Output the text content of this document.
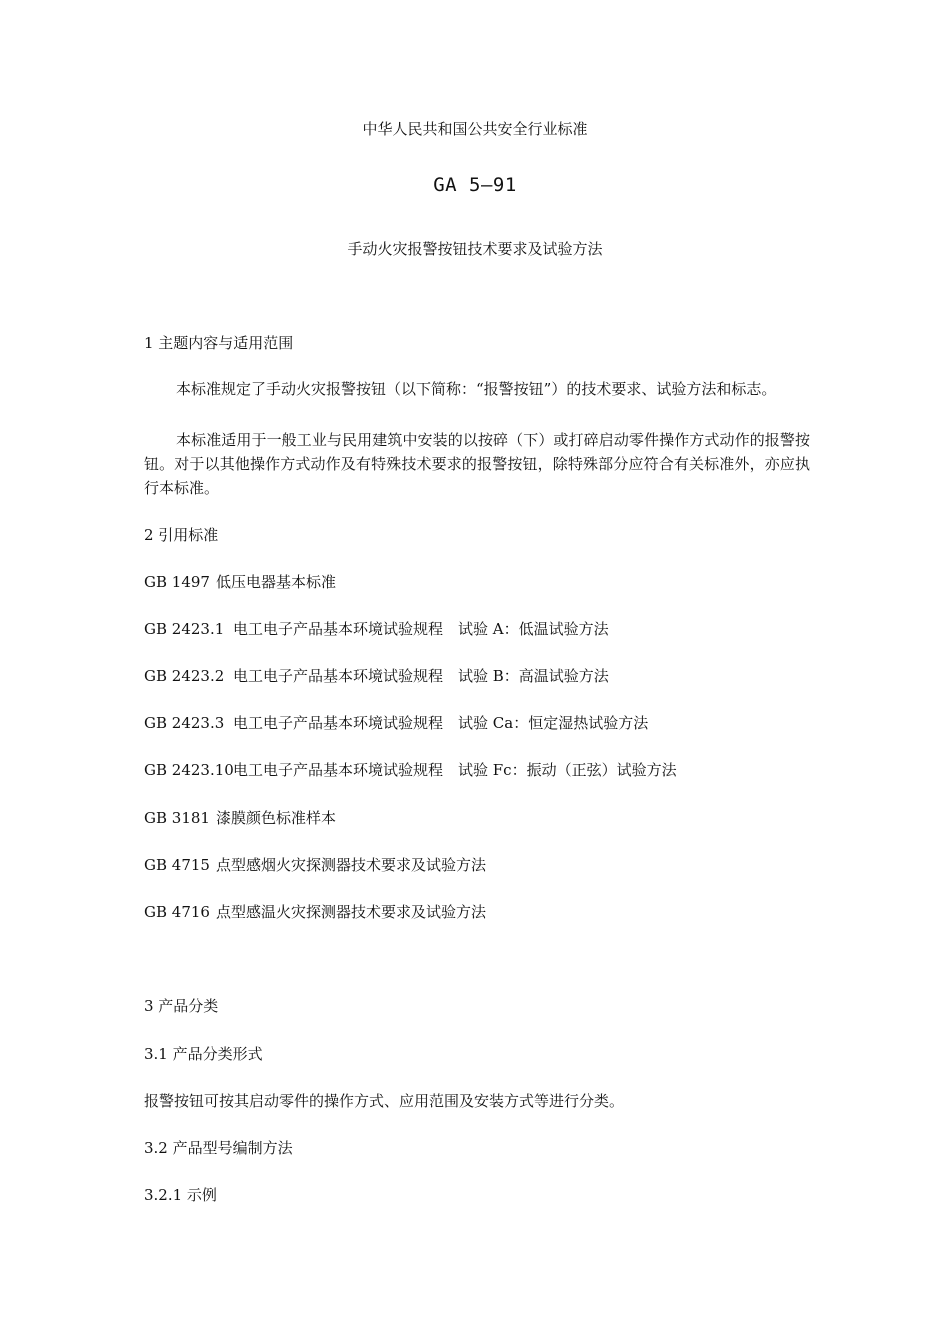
中华人民共和国公共安全行业标准
GA 5—91
手动火灾报警按钮技术要求及试验方法
1 主题内容与适用范围
本标准规定了手动火灾报警按钮（以下简称：“报警按钮”）的技术要求、试验方法和标志。
本标准适用于一般工业与民用建筑中安装的以按碎（下）或打碎启动零件操作方式动作的报警按钮。对于以其他操作方式动作及有特殊技术要求的报警按钮，除特殊部分应符合有关标准外，亦应执行本标准。
2 引用标准
GB 1497 低压电器基本标准
GB 2423.1 电工电子产品基本环境试验规程　试验 A：低温试验方法
GB 2423.2 电工电子产品基本环境试验规程　试验 B：高温试验方法
GB 2423.3 电工电子产品基本环境试验规程　试验 Ca：恒定湿热试验方法
GB 2423.10电工电子产品基本环境试验规程　试验 Fc：振动（正弦）试验方法
GB 3181 漆膜颜色标准样本
GB 4715 点型感烟火灾探测器技术要求及试验方法
GB 4716 点型感温火灾探测器技术要求及试验方法
3 产品分类
3.1 产品分类形式
报警按钮可按其启动零件的操作方式、应用范围及安装方式等进行分类。
3.2 产品型号编制方法
3.2.1 示例
